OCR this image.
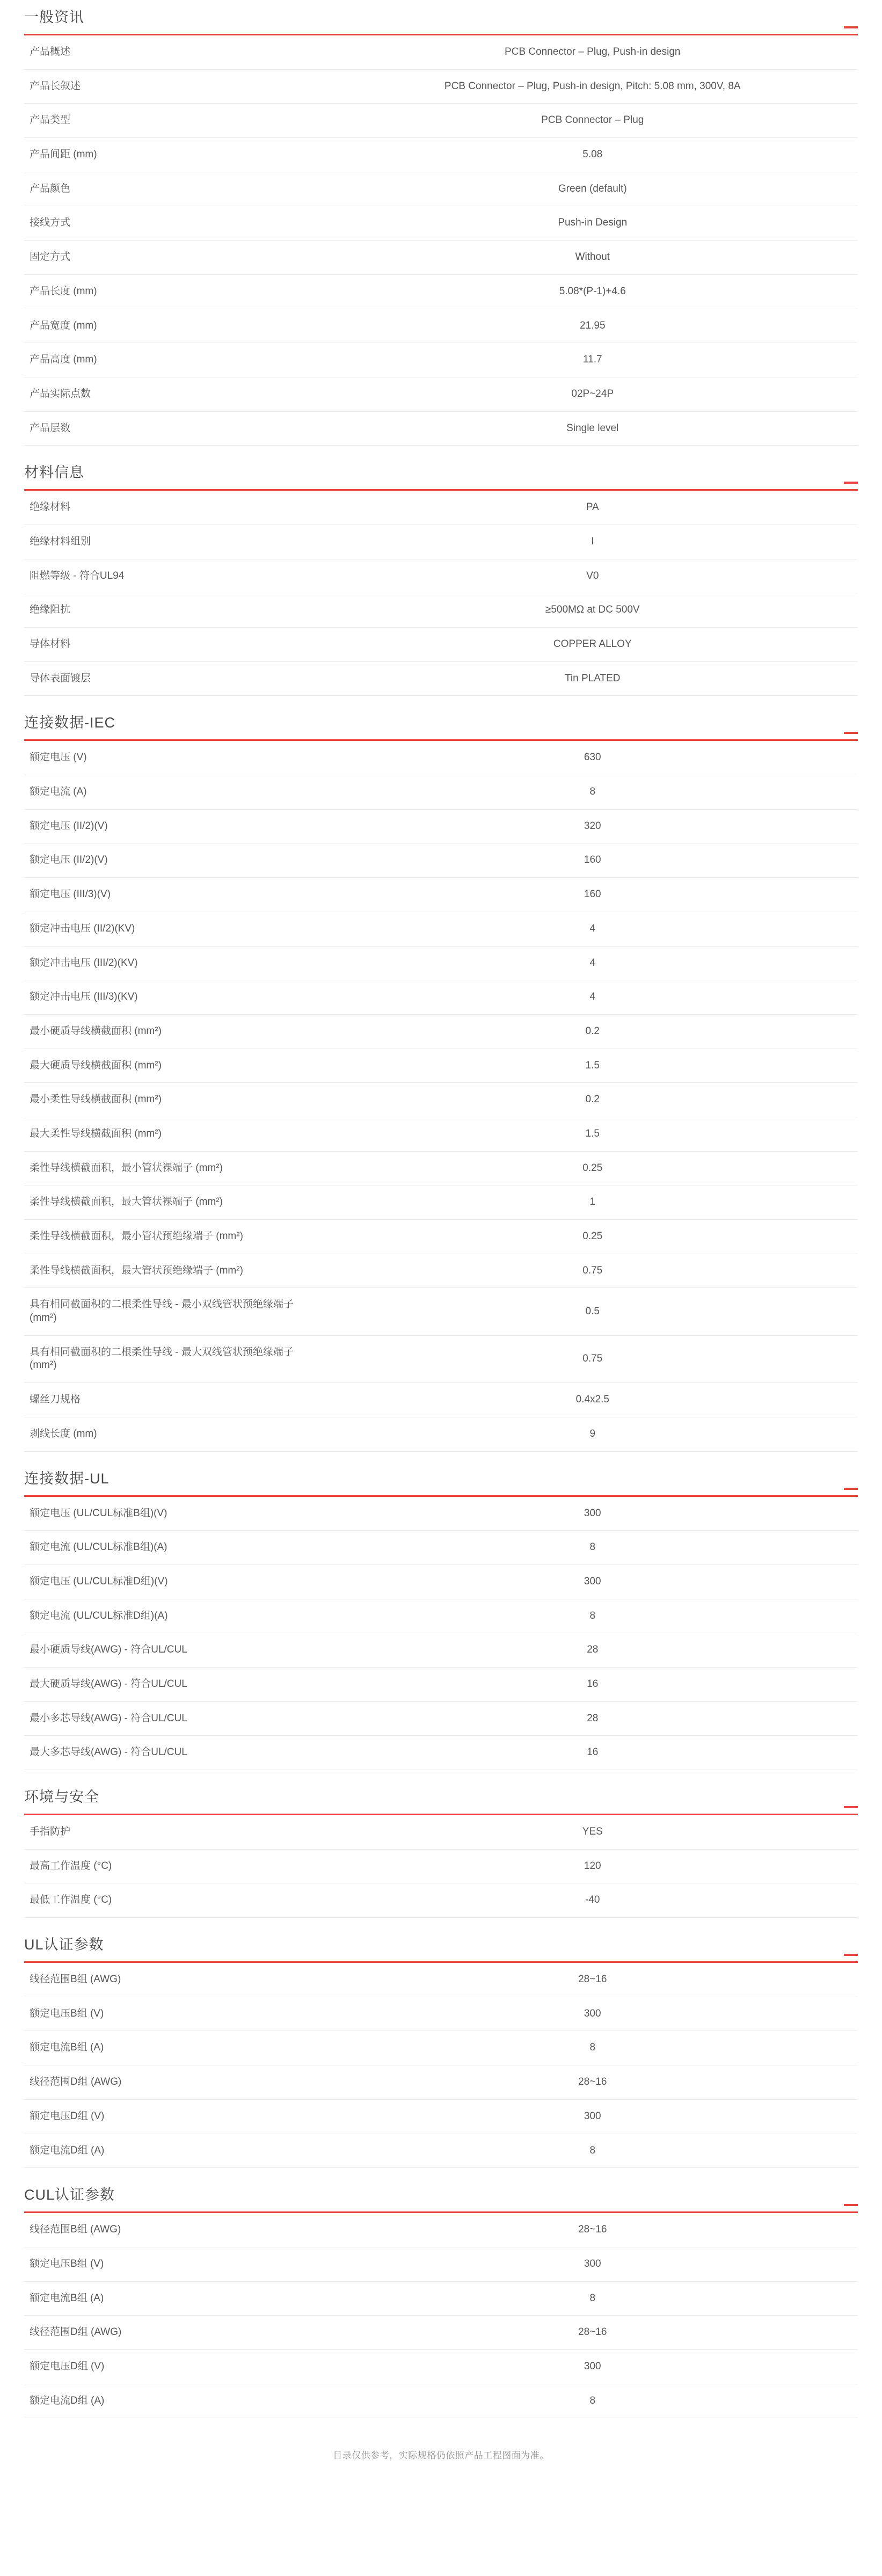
一般资讯
产品概述	PCB Connector – Plug, Push-in design
产品长叙述	PCB Connector – Plug, Push-in design, Pitch: 5.08 mm, 300V, 8A
产品类型	PCB Connector – Plug
产品间距 (mm)	5.08
产品颜色	Green (default)
接线方式	Push-in Design
固定方式	Without
产品长度 (mm)	5.08*(P-1)+4.6
产品宽度 (mm)	21.95
产品高度 (mm)	11.7
产品实际点数	02P~24P
产品层数	Single level
材料信息
绝缘材料	PA
绝缘材料组别	I
阻燃等级 - 符合UL94	V0
绝缘阻抗	≥500MΩ at DC 500V
导体材料	COPPER ALLOY
导体表面镀层	Tin PLATED
连接数据-IEC
额定电压 (V)	630
额定电流 (A)	8
额定电压 (II/2)(V)	320
额定电压 (II/2)(V)	160
额定电压 (III/3)(V)	160
额定冲击电压 (II/2)(KV)	4
额定冲击电压 (III/2)(KV)	4
额定冲击电压 (III/3)(KV)	4
最小硬质导线横截面积 (mm²)	0.2
最大硬质导线横截面积 (mm²)	1.5
最小柔性导线横截面积 (mm²)	0.2
最大柔性导线横截面积 (mm²)	1.5
柔性导线横截面积，最小管状裸端子 (mm²)	0.25
柔性导线横截面积，最大管状裸端子 (mm²)	1
柔性导线横截面积，最小管状预绝缘端子 (mm²)	0.25
柔性导线横截面积，最大管状预绝缘端子 (mm²)	0.75
具有相同截面积的二根柔性导线 - 最小双线管状预绝缘端子 (mm²)	0.5
具有相同截面积的二根柔性导线 - 最大双线管状预绝缘端子 (mm²)	0.75
螺丝刀规格	0.4x2.5
剥线长度 (mm)	9
连接数据-UL
额定电压 (UL/CUL标准B组)(V)	300
额定电流 (UL/CUL标准B组)(A)	8
额定电压 (UL/CUL标准D组)(V)	300
额定电流 (UL/CUL标准D组)(A)	8
最小硬质导线(AWG) - 符合UL/CUL	28
最大硬质导线(AWG) - 符合UL/CUL	16
最小多芯导线(AWG) - 符合UL/CUL	28
最大多芯导线(AWG) - 符合UL/CUL	16
环境与安全
手指防护	YES
最高工作温度 (°C)	120
最低工作温度 (°C)	-40
UL认证参数
线径范围B组 (AWG)	28~16
额定电压B组 (V)	300
额定电流B组 (A)	8
线径范围D组 (AWG)	28~16
额定电压D组 (V)	300
额定电流D组 (A)	8
CUL认证参数
线径范围B组 (AWG)	28~16
额定电压B组 (V)	300
额定电流B组 (A)	8
线径范围D组 (AWG)	28~16
额定电压D组 (V)	300
额定电流D组 (A)	8
目录仅供参考，实际规格仍依照产品工程图面为准。
